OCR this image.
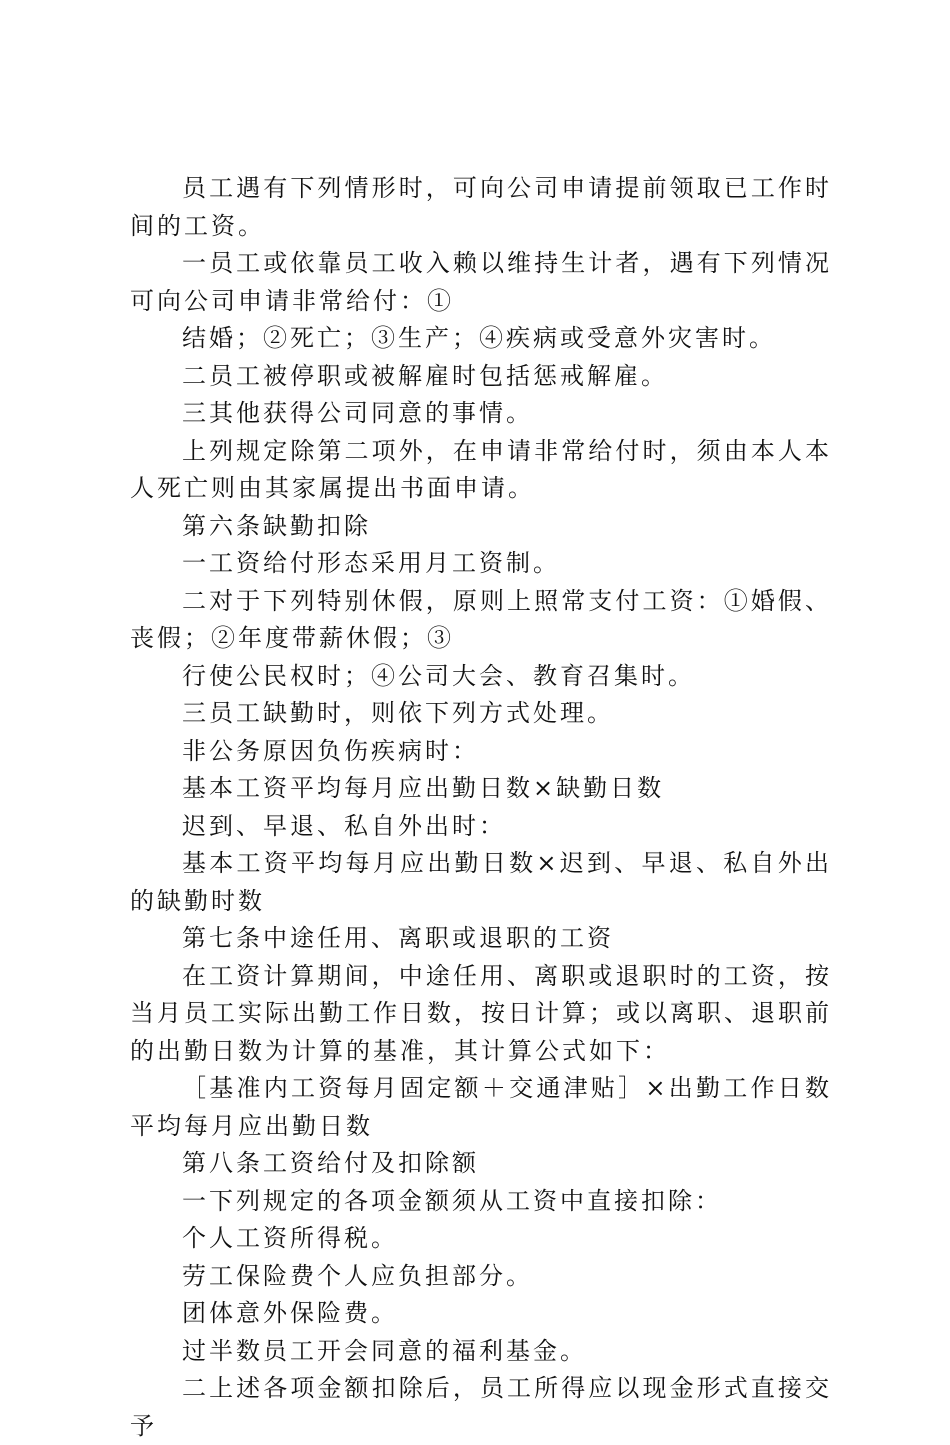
员工遇有下列情形时，可向公司申请提前领取已工作时间的工资。

一员工或依靠员工收入赖以维持生计者，遇有下列情况可向公司申请非常给付：①

结婚；②死亡；③生产；④疾病或受意外灾害时。

二员工被停职或被解雇时包括惩戒解雇。

三其他获得公司同意的事情。

上列规定除第二项外，在申请非常给付时，须由本人本人死亡则由其家属提出书面申请。

第六条缺勤扣除

一工资给付形态采用月工资制。

二对于下列特别休假，原则上照常支付工资：①婚假、丧假；②年度带薪休假；③

行使公民权时；④公司大会、教育召集时。

三员工缺勤时，则依下列方式处理。

非公务原因负伤疾病时：

基本工资平均每月应出勤日数×缺勤日数

迟到、早退、私自外出时：

基本工资平均每月应出勤日数×迟到、早退、私自外出的缺勤时数

第七条中途任用、离职或退职的工资

在工资计算期间，中途任用、离职或退职时的工资，按当月员工实际出勤工作日数，按日计算；或以离职、退职前的出勤日数为计算的基准，其计算公式如下：

［基准内工资每月固定额＋交通津贴］×出勤工作日数平均每月应出勤日数

第八条工资给付及扣除额

一下列规定的各项金额须从工资中直接扣除：

个人工资所得税。

劳工保险费个人应负担部分。

团体意外保险费。

过半数员工开会同意的福利基金。

二上述各项金额扣除后，员工所得应以现金形式直接交予
